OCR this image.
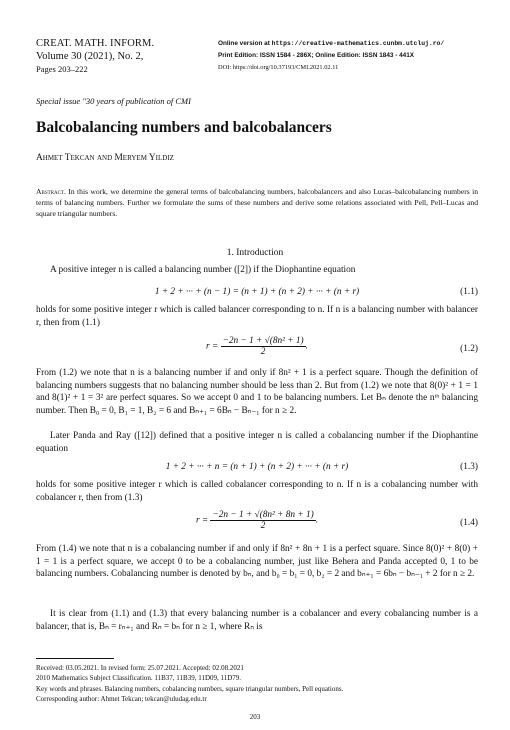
CREAT. MATH. INFORM.
Volume 30 (2021), No. 2,
Pages 203–222
Online version at https://creative-mathematics.cunbm.utcluj.ro/
Print Edition: ISSN 1584 - 286X; Online Edition: ISSN 1843 - 441X
DOI: https://doi.org/10.37193/CMI.2021.02.11
Special issue "30 years of publication of CMI
Balcobalancing numbers and balcobalancers
Ahmet Tekcan and Meryem Yildiz
Abstract. In this work, we determine the general terms of balcobalancing numbers, balcobalancers and also Lucas–balcobalancing numbers in terms of balancing numbers. Further we formulate the sums of these numbers and derive some relations associated with Pell, Pell–Lucas and square triangular numbers.
1. Introduction
A positive integer n is called a balancing number ([2]) if the Diophantine equation
1 + 2 + ··· + (n − 1) = (n + 1) + (n + 2) + ··· + (n + r)	(1.1)
holds for some positive integer r which is called balancer corresponding to n. If n is a balancing number with balancer r, then from (1.1)
$r = \frac{\text{−2n − 1 + √(8n² + 1)}}{2}$ .	(1.2)
From (1.2) we note that n is a balancing number if and only if 8n² + 1 is a perfect square. Though the definition of balancing numbers suggests that no balancing number should be less than 2. But from (1.2) we note that 8(0)² + 1 = 1 and 8(1)² + 1 = 3² are perfect squares. So we accept 0 and 1 to be balancing numbers. Let Bₙ denote the nᵗʰ balancing number. Then B₀ = 0, B₁ = 1, B₂ = 6 and Bₙ₊₁ = 6Bₙ − Bₙ₋₁ for n ≥ 2.
Later Panda and Ray ([12]) defined that a positive integer n is called a cobalancing number if the Diophantine equation
1 + 2 + ··· + n = (n + 1) + (n + 2) + ··· + (n + r)	(1.3)
holds for some positive integer r which is called cobalancer corresponding to n. If n is a cobalancing number with cobalancer r, then from (1.3)
$r = \frac{\text{−2n − 1 + √(8n² + 8n + 1)}}{2}$ .	(1.4)
From (1.4) we note that n is a cobalancing number if and only if 8n² + 8n + 1 is a perfect square. Since 8(0)² + 8(0) + 1 = 1 is a perfect square, we accept 0 to be a cobalancing number, just like Behera and Panda accepted 0, 1 to be balancing numbers. Cobalancing number is denoted by bₙ, and b₀ = b₁ = 0, b₂ = 2 and bₙ₊₁ = 6bₙ − bₙ₋₁ + 2 for n ≥ 2.
It is clear from (1.1) and (1.3) that every balancing number is a cobalancer and every cobalancing number is a balancer, that is, Bₙ = rₙ₊₁ and Rₙ = bₙ for n ≥ 1, where Rₙ is
Received: 03.05.2021. In revised form: 25.07.2021. Accepted: 02.08.2021
2010 Mathematics Subject Classification. 11B37, 11B39, 11D09, 11D79.
Key words and phrases. Balancing numbers, cobalancing numbers, square triangular numbers, Pell equations.
Corresponding author: Ahmet Tekcan; tekcan@uludag.edu.tr
203
